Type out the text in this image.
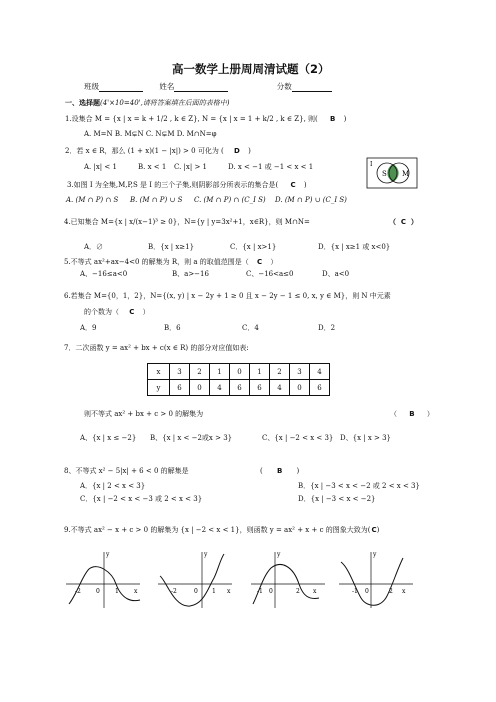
高一数学上册周周清试题（2）
班级	姓名	分数
一、选择题(4'×10=40',请将答案填在后面的表格中)
1.设集合 M = {x | x = k + 1/2 , k ∈ Z}, N = {x | x = 1 + k/2 , k ∈ Z}, 则( B )
A. M=N B. M⊊N C. N⊊M D. M∩N=φ
2．若 x ∈ R，那么 (1 + x)(1 − |x|) > 0 可化为 ( D )
A. |x| < 1	B. x < 1 C. |x| > 1	D. x < −1 或 −1 < x < 1	I
S M
3.如图 I 为全集,M,P,S 是 I 的三个子集,则阴影部分所表示的集合是( C )
A. (M ∩ P) ∩ S B. (M ∩ P) ∪ S C. (M ∩ P) ∩ (C_I S) D. (M ∩ P) ∪ (C_I S)
4.已知集合 M={x | x/(x−1)³ ≥ 0}，N={y | y=3x²+1，x∈R}，则 M∩N=	（  C  ）
A．∅	B．{x | x≥1}	C．{x | x>1}	D．{x | x≥1 或 x<0}
5.不等式 ax²+ax−4<0 的解集为 R，则 a 的取值范围是（ C ）
A、−16≤a<0	B、a>−16	C、−16<a≤0	D、a<0
6.若集合 M={0，1，2}，N={(x, y) | x − 2y + 1 ≥ 0 且 x − 2y − 1 ≤ 0, x, y ∈ M}，则 N 中元素
的个数为（ C ）
A．9	B．6	C．4	D．2
7．二次函数 y = ax² + bx + c(x ∈ R) 的部分对应值如表:
x	3	2	1	0	1	2	3	4
y	6	0	4	6	6	4	0	6
则不等式 ax² + bx + c > 0 的解集为	（ B ）
A、{x | x ≤ −2} B、{x | x < −2或x > 3}	C、{x | −2 < x < 3} D、{x | x > 3}
8、不等式 x² − 5|x| + 6 < 0 的解集是	( B )
A．{x | 2 < x < 3}	B．{x | −3 < x < −2 或 2 < x < 3}
C．{x | −2 < x < −3 或 2 < x < 3}	D．{x | −3 < x < −2}
9.不等式 ax² − x + c > 0 的解集为 {x | −2 < x < 1}，则函数 y = ax² + x + c 的图象大致为(C)
-2	0	1	x
y
-2	0 1 x
y
-1 0	2 x
y
-1 0	2 x
y
